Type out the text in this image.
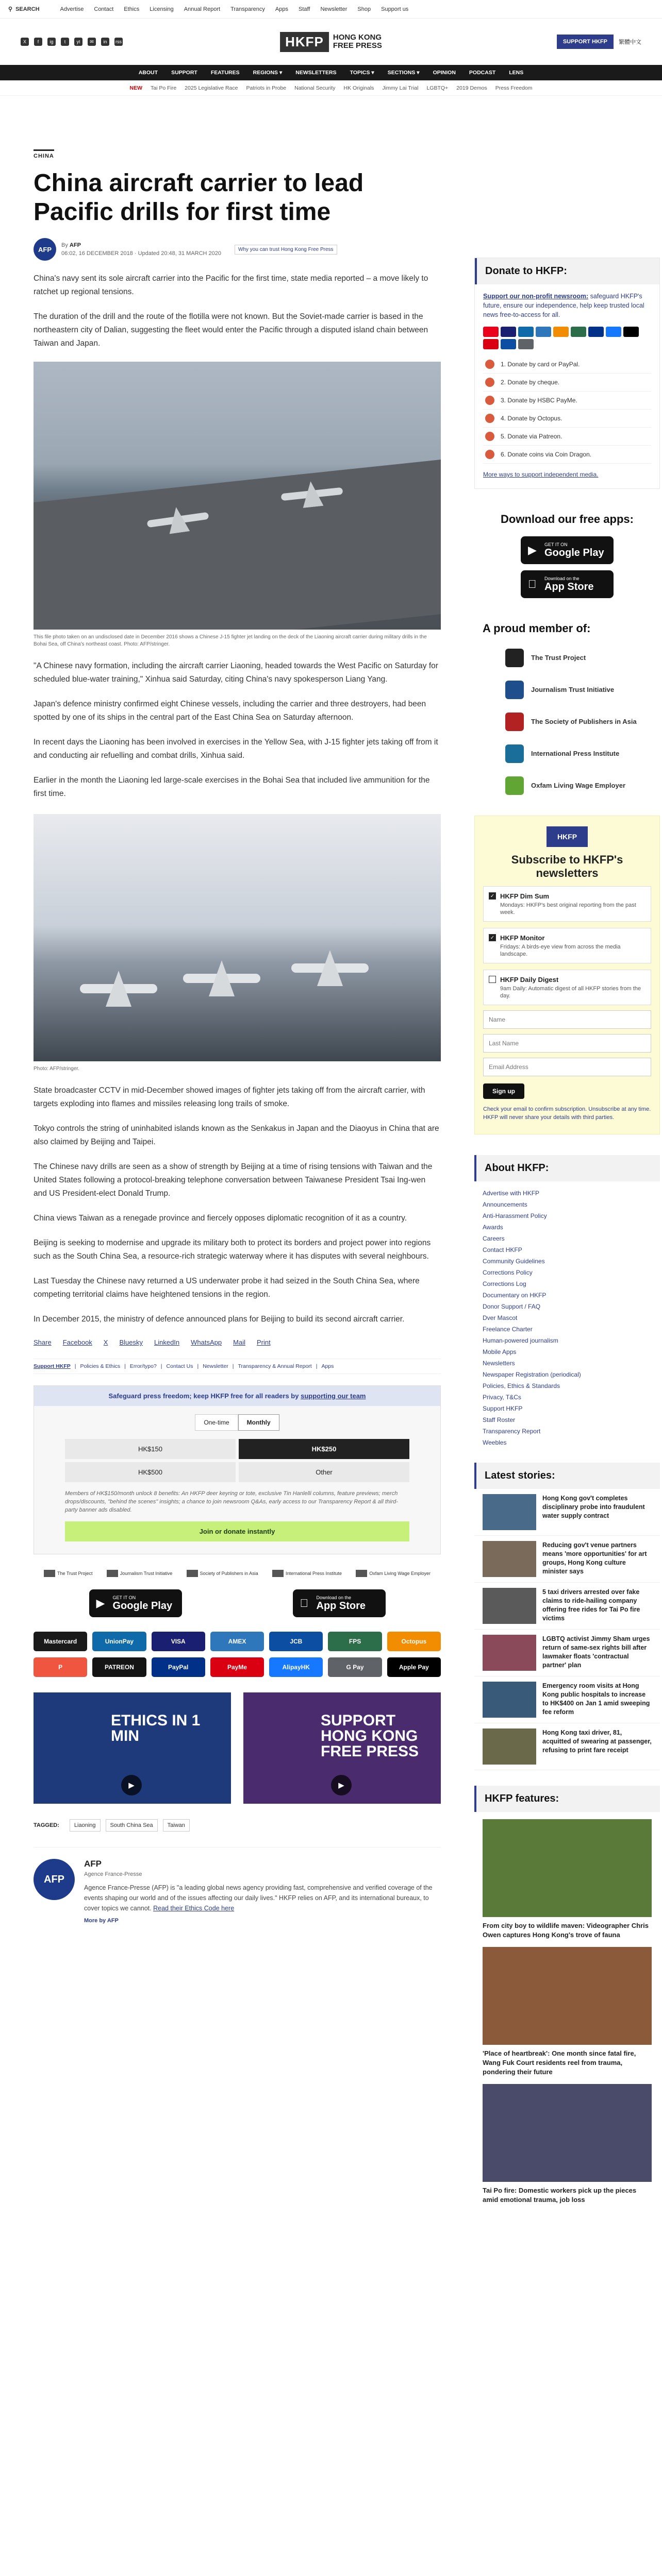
⚲ SEARCH	Advertise Contact Ethics Licensing Annual Report Transparency Apps Staff Newsletter Shop Support us
X	f	ig	t	yt	✉	in	rss	HKFP	HONG KONG
FREE PRESS	SUPPORT HKFP	繁體中文
ABOUT SUPPORT FEATURES REGIONS ▾ NEWSLETTERS TOPICS ▾ SECTIONS ▾ OPINION PODCAST LENS
NEW Tai Po Fire 2025 Legislative Race Patriots in Probe National Security HK Originals Jimmy Lai Trial LGBTQ+ 2019 Demos Press Freedom
CHINA
China aircraft carrier to lead Pacific drills for first time
AFP
By AFP
06:02, 16 DECEMBER 2018 · Updated 20:48, 31 MARCH 2020
Why you can trust Hong Kong Free Press

China's navy sent its sole aircraft carrier into the Pacific for the first time, state media reported – a move likely to ratchet up regional tensions.

The duration of the drill and the route of the flotilla were not known. But the Soviet-made carrier is based in the northeastern city of Dalian, suggesting the fleet would enter the Pacific through a disputed island chain between Taiwan and Japan.

This file photo taken on an undisclosed date in December 2016 shows a Chinese J-15 fighter jet landing on the deck of the Liaoning aircraft carrier during military drills in the Bohai Sea, off China's northeast coast. Photo: AFP/stringer.

"A Chinese navy formation, including the aircraft carrier Liaoning, headed towards the West Pacific on Saturday for scheduled blue-water training," Xinhua said Saturday, citing China's navy spokesperson Liang Yang.

Japan's defence ministry confirmed eight Chinese vessels, including the carrier and three destroyers, had been spotted by one of its ships in the central part of the East China Sea on Saturday afternoon.

In recent days the Liaoning has been involved in exercises in the Yellow Sea, with J-15 fighter jets taking off from it and conducting air refuelling and combat drills, Xinhua said.

Earlier in the month the Liaoning led large-scale exercises in the Bohai Sea that included live ammunition for the first time.

Photo: AFP/stringer.

State broadcaster CCTV in mid-December showed images of fighter jets taking off from the aircraft carrier, with targets exploding into flames and missiles releasing long trails of smoke.

Tokyo controls the string of uninhabited islands known as the Senkakus in Japan and the Diaoyus in China that are also claimed by Beijing and Taipei.

The Chinese navy drills are seen as a show of strength by Beijing at a time of rising tensions with Taiwan and the United States following a protocol-breaking telephone conversation between Taiwanese President Tsai Ing-wen and US President-elect Donald Trump.

China views Taiwan as a renegade province and fiercely opposes diplomatic recognition of it as a country.

Beijing is seeking to modernise and upgrade its military both to protect its borders and project power into regions such as the South China Sea, a resource-rich strategic waterway where it has disputes with several neighbours.

Last Tuesday the Chinese navy returned a US underwater probe it had seized in the South China Sea, where competing territorial claims have heightened tensions in the region.

In December 2015, the ministry of defence announced plans for Beijing to build its second aircraft carrier.

Share Facebook X Bluesky LinkedIn WhatsApp Mail Print
Support HKFP | Policies & Ethics | Error/typo? | Contact Us | Newsletter | Transparency & Annual Report | Apps
Safeguard press freedom; keep HKFP free for all readers by supporting our team
One-time	Monthly
HK$150	HK$250
HK$500	Other
Members of HK$150/month unlock 8 benefits: An HKFP deer keyring or tote, exclusive Tin Hanlelli columns, feature previews; merch drops/discounts, "behind the scenes" insights; a chance to join newsroom Q&As, early access to our Transparency Report & all third-party banner ads disabled.
Join or donate instantly
The Trust Project	Journalism Trust Initiative	Society of Publishers in Asia	International Press Institute	Oxfam Living Wage Employer
▶ GET IT ON
Google Play
Download on the
App Store
Mastercard	UnionPay	VISA	AMEX	JCB	FPS	Octopus
P	PATREON	PayPal	PayMe	AlipayHK	G Pay	Apple Pay
ETHICS IN 1 MIN
▶
SUPPORT HONG KONG FREE PRESS
▶
TAGGED:	Liaoning	South China Sea	Taiwan
AFP
AFP
Agence France-Presse

Agence France-Presse (AFP) is "a leading global news agency providing fast, comprehensive and verified coverage of the events shaping our world and of the issues affecting our daily lives." HKFP relies on AFP, and its international bureaux, to cover topics we cannot. Read their Ethics Code here

More by AFP
Donate to HKFP:

Support our non-profit newsroom: safeguard HKFP's future, ensure our independence, help keep trusted local news free-to-access for all.

1. Donate by card or PayPal.
2. Donate by cheque.
3. Donate by HSBC PayMe.
4. Donate by Octopus.
5. Donate via Patreon.
6. Donate coins via Coin Dragon.
More ways to support independent media.
Download our free apps:
▶ GET IT ON
Google Play
Download on the
App Store
A proud member of:
The Trust Project
Journalism Trust Initiative
The Society of Publishers in Asia
International Press Institute
Oxfam Living Wage Employer
HKFP
Subscribe to HKFP's newsletters
✓ HKFP Dim Sum
Mondays: HKFP's best original reporting from the past week.
✓ HKFP Monitor
Fridays: A birds-eye view from across the media landscape.
HKFP Daily Digest
9am Daily: Automatic digest of all HKFP stories from the day.
Name
Last Name
Email Address
Sign up
Check your email to confirm subscription. Unsubscribe at any time. HKFP will never share your details with third parties.
About HKFP:
Advertise with HKFP
Announcements
Anti-Harassment Policy
Awards
Careers
Contact HKFP
Community Guidelines
Corrections Policy
Corrections Log
Documentary on HKFP
Donor Support / FAQ
Dver Mascot
Freelance Charter
Human-powered journalism
Mobile Apps
Newsletters
Newspaper Registration (periodical)
Policies, Ethics & Standards
Privacy, T&Cs
Support HKFP
Staff Roster
Transparency Report
Weebles
Latest stories:
Hong Kong gov't completes disciplinary probe into fraudulent water supply contract
Reducing gov't venue partners means 'more opportunities' for art groups, Hong Kong culture minister says
5 taxi drivers arrested over fake claims to ride-hailing company offering free rides for Tai Po fire victims
LGBTQ activist Jimmy Sham urges return of same-sex rights bill after lawmaker floats 'contractual partner' plan
Emergency room visits at Hong Kong public hospitals to increase to HK$400 on Jan 1 amid sweeping fee reform
Hong Kong taxi driver, 81, acquitted of swearing at passenger, refusing to print fare receipt
HKFP features:
From city boy to wildlife maven: Videographer Chris Owen captures Hong Kong's trove of fauna
'Place of heartbreak': One month since fatal fire, Wang Fuk Court residents reel from trauma, pondering their future
Tai Po fire: Domestic workers pick up the pieces amid emotional trauma, job loss
